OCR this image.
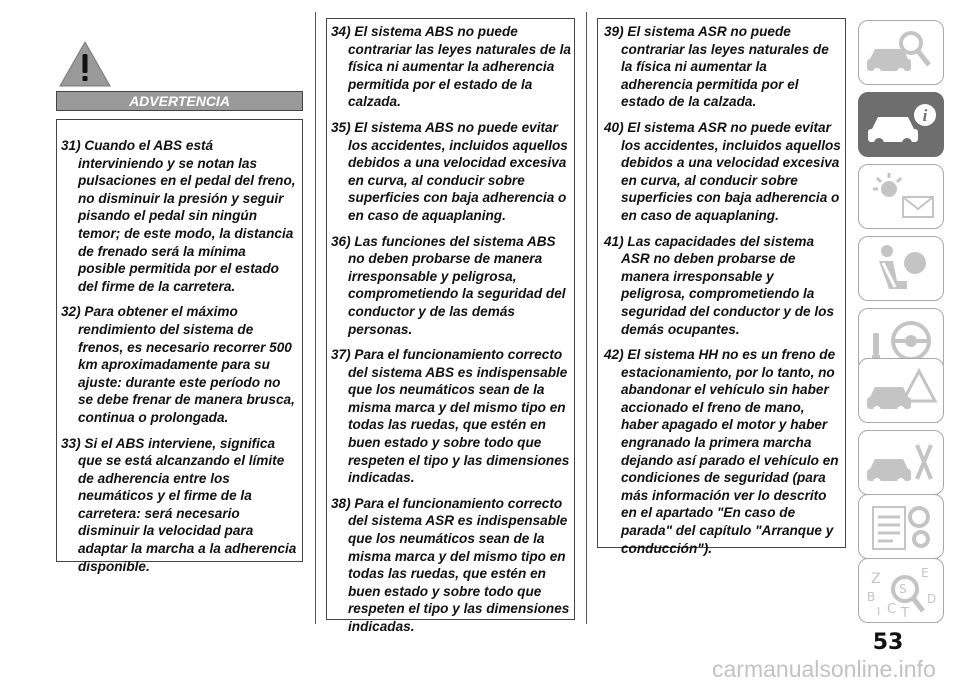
ADVERTENCIA

31) Cuando el ABS está interviniendo y se notan las pulsaciones en el pedal del freno, no disminuir la presión y seguir pisando el pedal sin ningún temor; de este modo, la distancia de frenado será la mínima posible permitida por el estado del firme de la carretera.

32) Para obtener el máximo rendimiento del sistema de frenos, es necesario recorrer 500 km aproximadamente para su ajuste: durante este período no se debe frenar de manera brusca, continua o prolongada.

33) Si el ABS interviene, significa que se está alcanzando el límite de adherencia entre los neumáticos y el firme de la carretera: será necesario disminuir la velocidad para adaptar la marcha a la adherencia disponible.

34) El sistema ABS no puede contrariar las leyes naturales de la física ni aumentar la adherencia permitida por el estado de la calzada.

35) El sistema ABS no puede evitar los accidentes, incluidos aquellos debidos a una velocidad excesiva en curva, al conducir sobre superficies con baja adherencia o en caso de aquaplaning.

36) Las funciones del sistema ABS no deben probarse de manera irresponsable y peligrosa, comprometiendo la seguridad del conductor y de las demás personas.

37) Para el funcionamiento correcto del sistema ABS es indispensable que los neumáticos sean de la misma marca y del mismo tipo en todas las ruedas, que estén en buen estado y sobre todo que respeten el tipo y las dimensiones indicadas.

38) Para el funcionamiento correcto del sistema ASR es indispensable que los neumáticos sean de la misma marca y del mismo tipo en todas las ruedas, que estén en buen estado y sobre todo que respeten el tipo y las dimensiones indicadas.

39) El sistema ASR no puede contrariar las leyes naturales de la física ni aumentar la adherencia permitida por el estado de la calzada.

40) El sistema ASR no puede evitar los accidentes, incluidos aquellos debidos a una velocidad excesiva en curva, al conducir sobre superficies con baja adherencia o en caso de aquaplaning.

41) Las capacidades del sistema ASR no deben probarse de manera irresponsable y peligrosa, comprometiendo la seguridad del conductor y de los demás ocupantes.

42) El sistema HH no es un freno de estacionamiento, por lo tanto, no abandonar el vehículo sin haber accionado el freno de mano, haber apagado el motor y haber engranado la primera marcha dejando así parado el vehículo en condiciones de seguridad (para más información ver lo descrito en el apartado "En caso de parada" del capítulo "Arranque y conducción").

i
Z	E
B
C T
D
I
S
53
carmanualsonline.info
